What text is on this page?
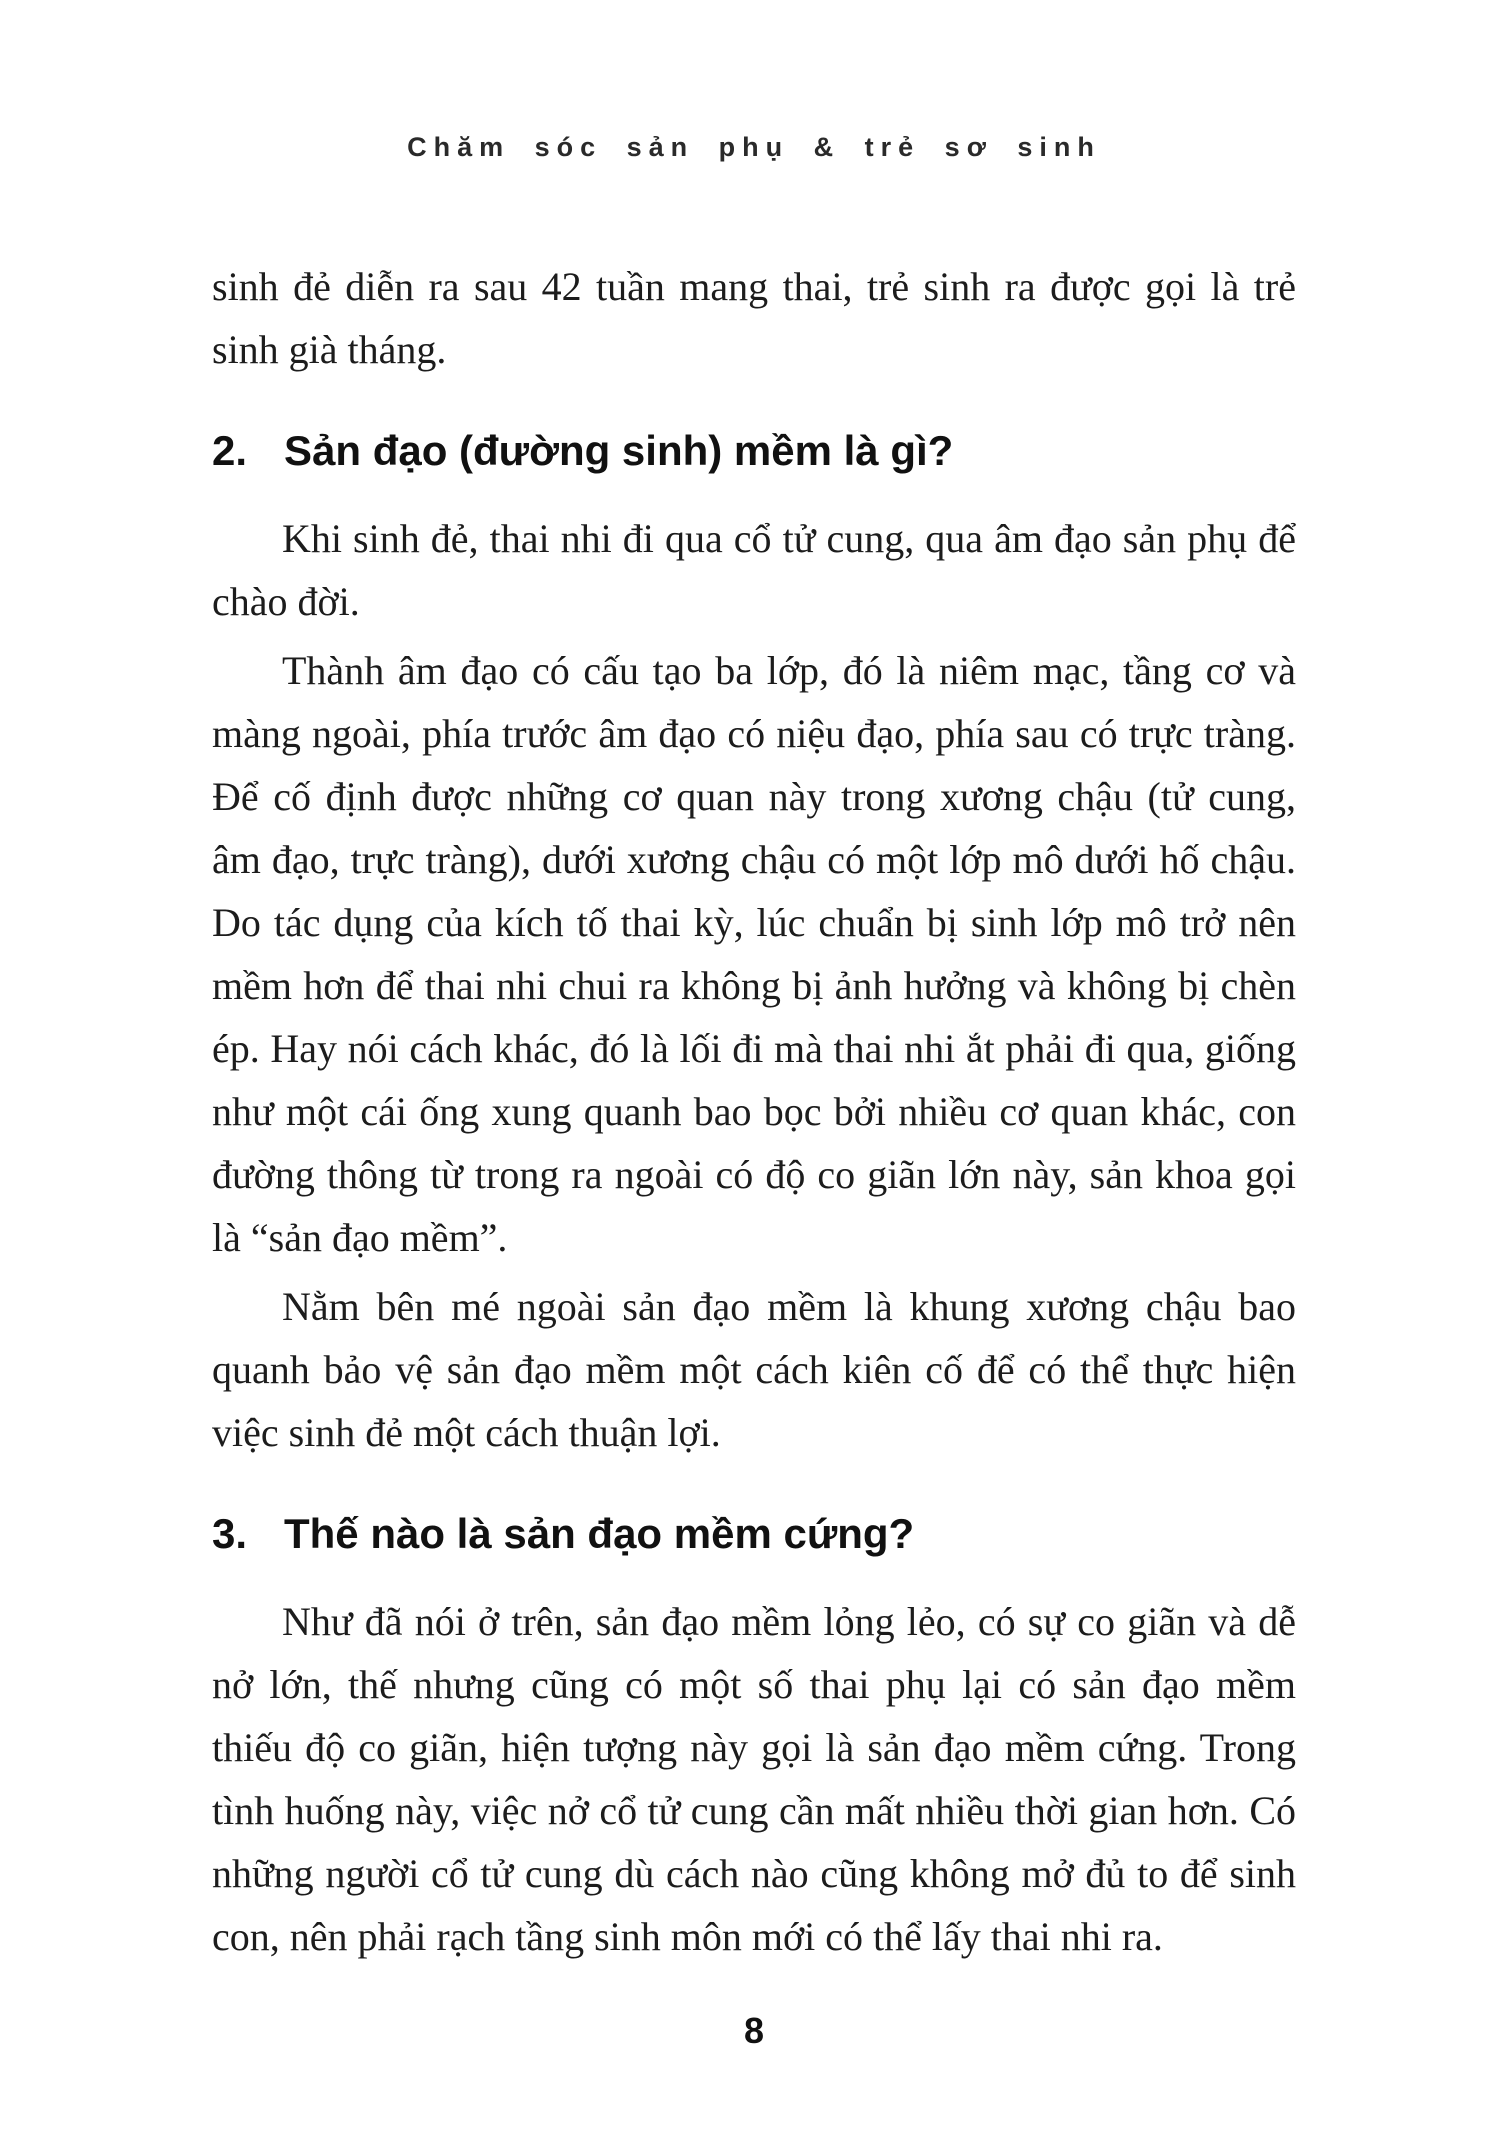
Chăm sóc sản phụ & trẻ sơ sinh

sinh đẻ diễn ra sau 42 tuần mang thai, trẻ sinh ra được gọi là trẻ sinh già tháng.

2. Sản đạo (đường sinh) mềm là gì?

Khi sinh đẻ, thai nhi đi qua cổ tử cung, qua âm đạo sản phụ để chào đời.

Thành âm đạo có cấu tạo ba lớp, đó là niêm mạc, tầng cơ và màng ngoài, phía trước âm đạo có niệu đạo, phía sau có trực tràng. Để cố định được những cơ quan này trong xương chậu (tử cung, âm đạo, trực tràng), dưới xương chậu có một lớp mô dưới hố chậu. Do tác dụng của kích tố thai kỳ, lúc chuẩn bị sinh lớp mô trở nên mềm hơn để thai nhi chui ra không bị ảnh hưởng và không bị chèn ép. Hay nói cách khác, đó là lối đi mà thai nhi ắt phải đi qua, giống như một cái ống xung quanh bao bọc bởi nhiều cơ quan khác, con đường thông từ trong ra ngoài có độ co giãn lớn này, sản khoa gọi là “sản đạo mềm”.

Nằm bên mé ngoài sản đạo mềm là khung xương chậu bao quanh bảo vệ sản đạo mềm một cách kiên cố để có thể thực hiện việc sinh đẻ một cách thuận lợi.

3. Thế nào là sản đạo mềm cứng?

Như đã nói ở trên, sản đạo mềm lỏng lẻo, có sự co giãn và dễ nở lớn, thế nhưng cũng có một số thai phụ lại có sản đạo mềm thiếu độ co giãn, hiện tượng này gọi là sản đạo mềm cứng. Trong tình huống này, việc nở cổ tử cung cần mất nhiều thời gian hơn. Có những người cổ tử cung dù cách nào cũng không mở đủ to để sinh con, nên phải rạch tầng sinh môn mới có thể lấy thai nhi ra.

8
